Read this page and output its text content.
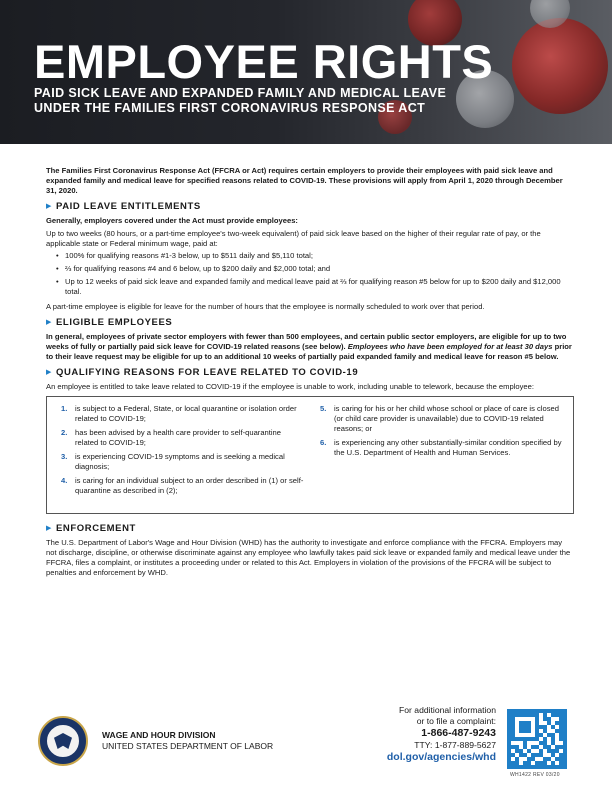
EMPLOYEE RIGHTS
PAID SICK LEAVE AND EXPANDED FAMILY AND MEDICAL LEAVE
UNDER THE FAMILIES FIRST CORONAVIRUS RESPONSE ACT

The Families First Coronavirus Response Act (FFCRA or Act) requires certain employers to provide their employees with paid sick leave and expanded family and medical leave for specified reasons related to COVID-19. These provisions will apply from April 1, 2020 through December 31, 2020.

▶ PAID LEAVE ENTITLEMENTS

Generally, employers covered under the Act must provide employees:

Up to two weeks (80 hours, or a part-time employee's two-week equivalent) of paid sick leave based on the higher of their regular rate of pay, or the applicable state or Federal minimum wage, paid at:

• 100% for qualifying reasons #1-3 below, up to $511 daily and $5,110 total;
• ⅔ for qualifying reasons #4 and 6 below, up to $200 daily and $2,000 total; and
• Up to 12 weeks of paid sick leave and expanded family and medical leave paid at ⅔ for qualifying reason #5 below for up to $200 daily and $12,000 total.

A part-time employee is eligible for leave for the number of hours that the employee is normally scheduled to work over that period.

▶ ELIGIBLE EMPLOYEES

In general, employees of private sector employers with fewer than 500 employees, and certain public sector employers, are eligible for up to two weeks of fully or partially paid sick leave for COVID-19 related reasons (see below). Employees who have been employed for at least 30 days prior to their leave request may be eligible for up to an additional 10 weeks of partially paid expanded family and medical leave for reason #5 below.

▶ QUALIFYING REASONS FOR LEAVE RELATED TO COVID-19

An employee is entitled to take leave related to COVID-19 if the employee is unable to work, including unable to telework, because the employee:

1.	is subject to a Federal, State, or local quarantine or isolation order related to COVID-19;
2.	has been advised by a health care provider to self-quarantine related to COVID-19;
3.	is experiencing COVID-19 symptoms and is seeking a medical diagnosis;
4.	is caring for an individual subject to an order described in (1) or self-quarantine as described in (2);
5.	is caring for his or her child whose school or place of care is closed (or child care provider is unavailable) due to COVID-19 related reasons; or
6.	is experiencing any other substantially-similar condition specified by the U.S. Department of Health and Human Services.
▶ ENFORCEMENT

The U.S. Department of Labor's Wage and Hour Division (WHD) has the authority to investigate and enforce compliance with the FFCRA. Employers may not discharge, discipline, or otherwise discriminate against any employee who lawfully takes paid sick leave or expanded family and medical leave under the FFCRA, files a complaint, or institutes a proceeding under or related to this Act. Employers in violation of the provisions of the FFCRA will be subject to penalties and enforcement by WHD.

WAGE AND HOUR DIVISION
UNITED STATES DEPARTMENT OF LABOR
For additional information
or to file a complaint:
1-866-487-9243
TTY: 1-877-889-5627
dol.gov/agencies/whd
WH1422 REV 03/20
